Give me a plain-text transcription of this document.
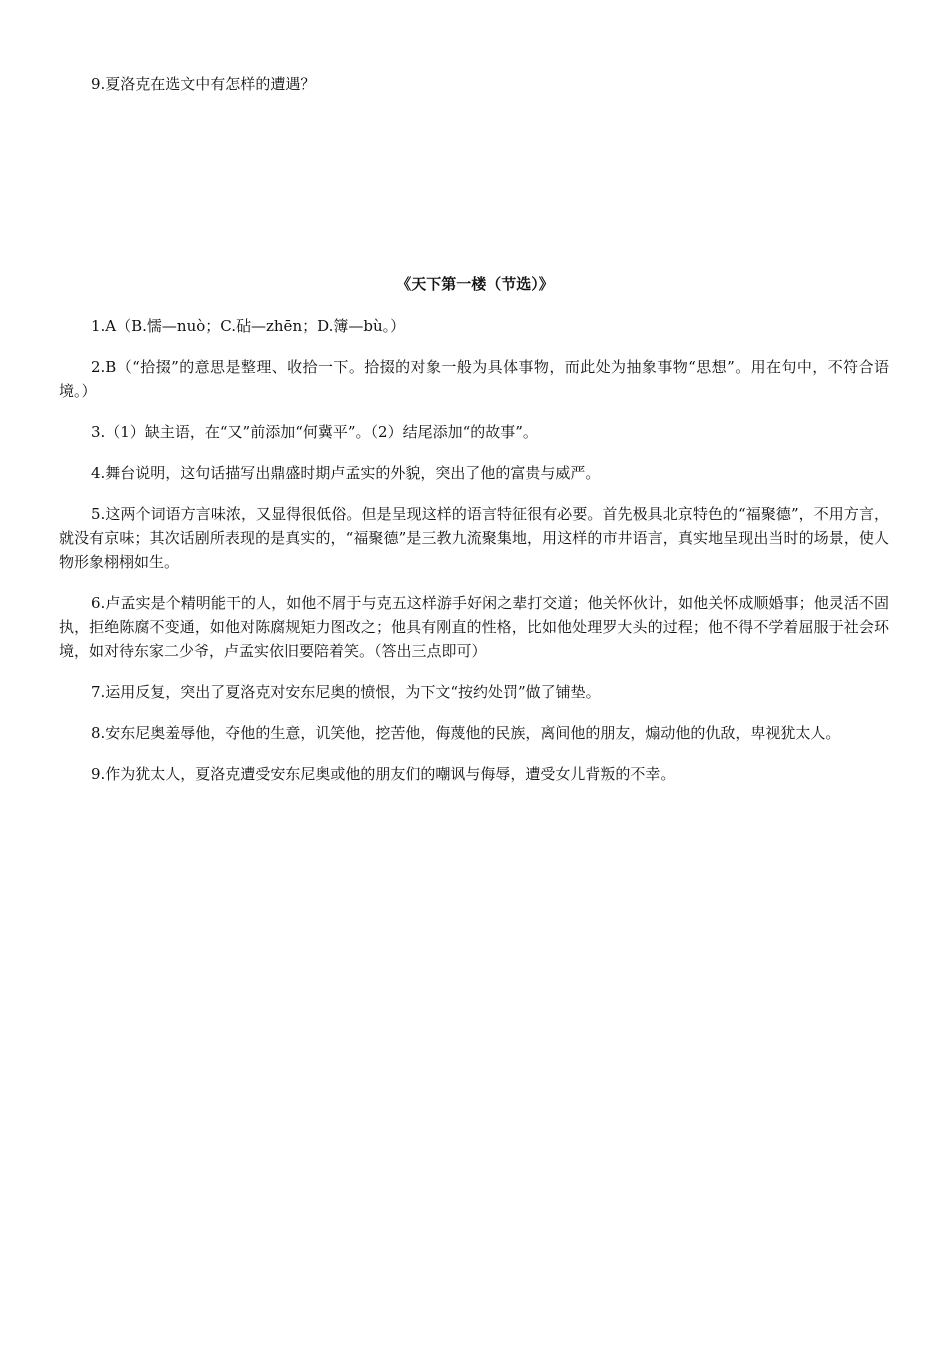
9.夏洛克在选文中有怎样的遭遇？

《天下第一楼（节选）》

1.A（B.懦—nuò；C.砧—zhēn；D.簿—bù。）

2.B（“拾掇”的意思是整理、收拾一下。拾掇的对象一般为具体事物，而此处为抽象事物“思想”。用在句中，不符合语境。）

3.（1）缺主语，在“又”前添加“何冀平”。（2）结尾添加“的故事”。

4.舞台说明，这句话描写出鼎盛时期卢孟实的外貌，突出了他的富贵与威严。

5.这两个词语方言味浓，又显得很低俗。但是呈现这样的语言特征很有必要。首先极具北京特色的“福聚德”，不用方言，就没有京味；其次话剧所表现的是真实的，“福聚德”是三教九流聚集地，用这样的市井语言，真实地呈现出当时的场景，使人物形象栩栩如生。

6.卢孟实是个精明能干的人，如他不屑于与克五这样游手好闲之辈打交道；他关怀伙计，如他关怀成顺婚事；他灵活不固执，拒绝陈腐不变通，如他对陈腐规矩力图改之；他具有刚直的性格，比如他处理罗大头的过程；他不得不学着屈服于社会环境，如对待东家二少爷，卢孟实依旧要陪着笑。（答出三点即可）

7.运用反复，突出了夏洛克对安东尼奥的愤恨，为下文“按约处罚”做了铺垫。

8.安东尼奥羞辱他，夺他的生意，讥笑他，挖苦他，侮蔑他的民族，离间他的朋友，煽动他的仇敌，卑视犹太人。

9.作为犹太人，夏洛克遭受安东尼奥或他的朋友们的嘲讽与侮辱，遭受女儿背叛的不幸。
